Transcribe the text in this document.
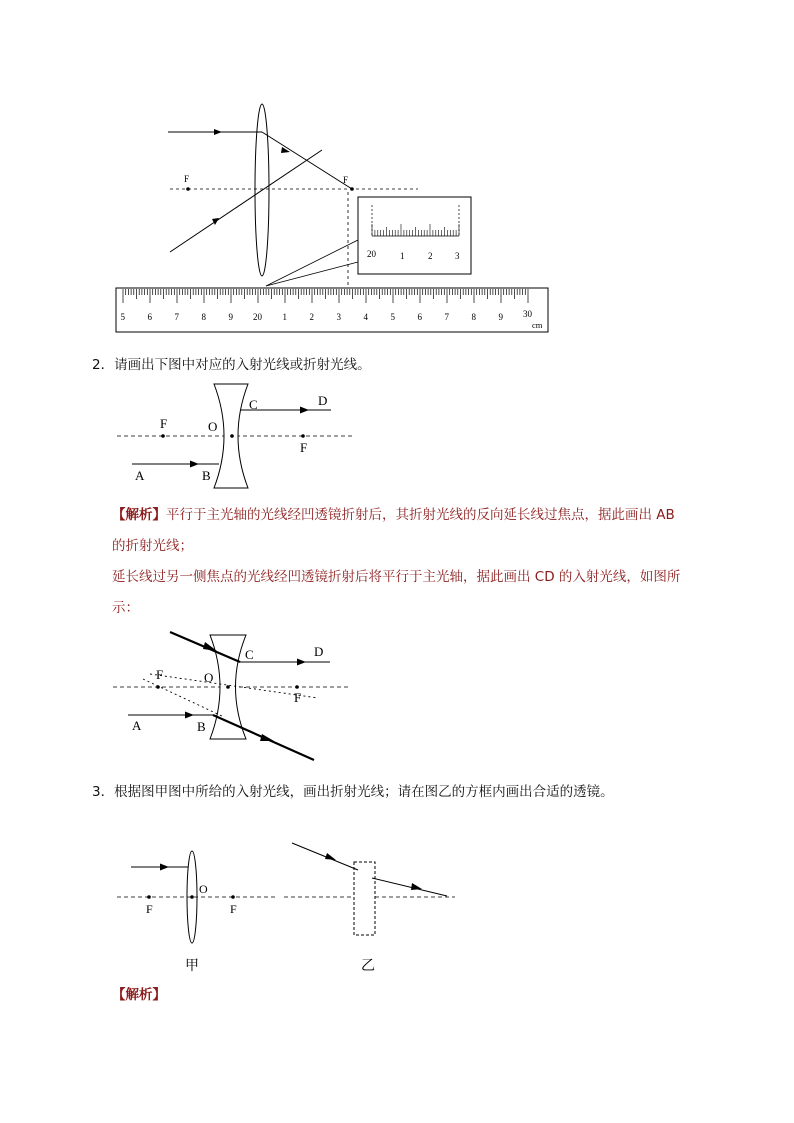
F	F
20	1	2	3
5	6	7	8	9 20 1	2	3	4	5	6	7	8	9 30
cm
2．请画出下图中对应的入射光线或折射光线。
F	O
C	D
F
A	B
【解析】平行于主光轴的光线经凹透镜折射后，其折射光线的反向延长线过焦点，据此画出 AB
的折射光线；
延长线过另一侧焦点的光线经凹透镜折射后将平行于主光轴，据此画出 CD 的入射光线，如图所
示：
F	O
C	D
F
A	B
3．根据图甲图中所给的入射光线，画出折射光线；请在图乙的方框内画出合适的透镜。
F
O
F
甲	乙
【解析】
